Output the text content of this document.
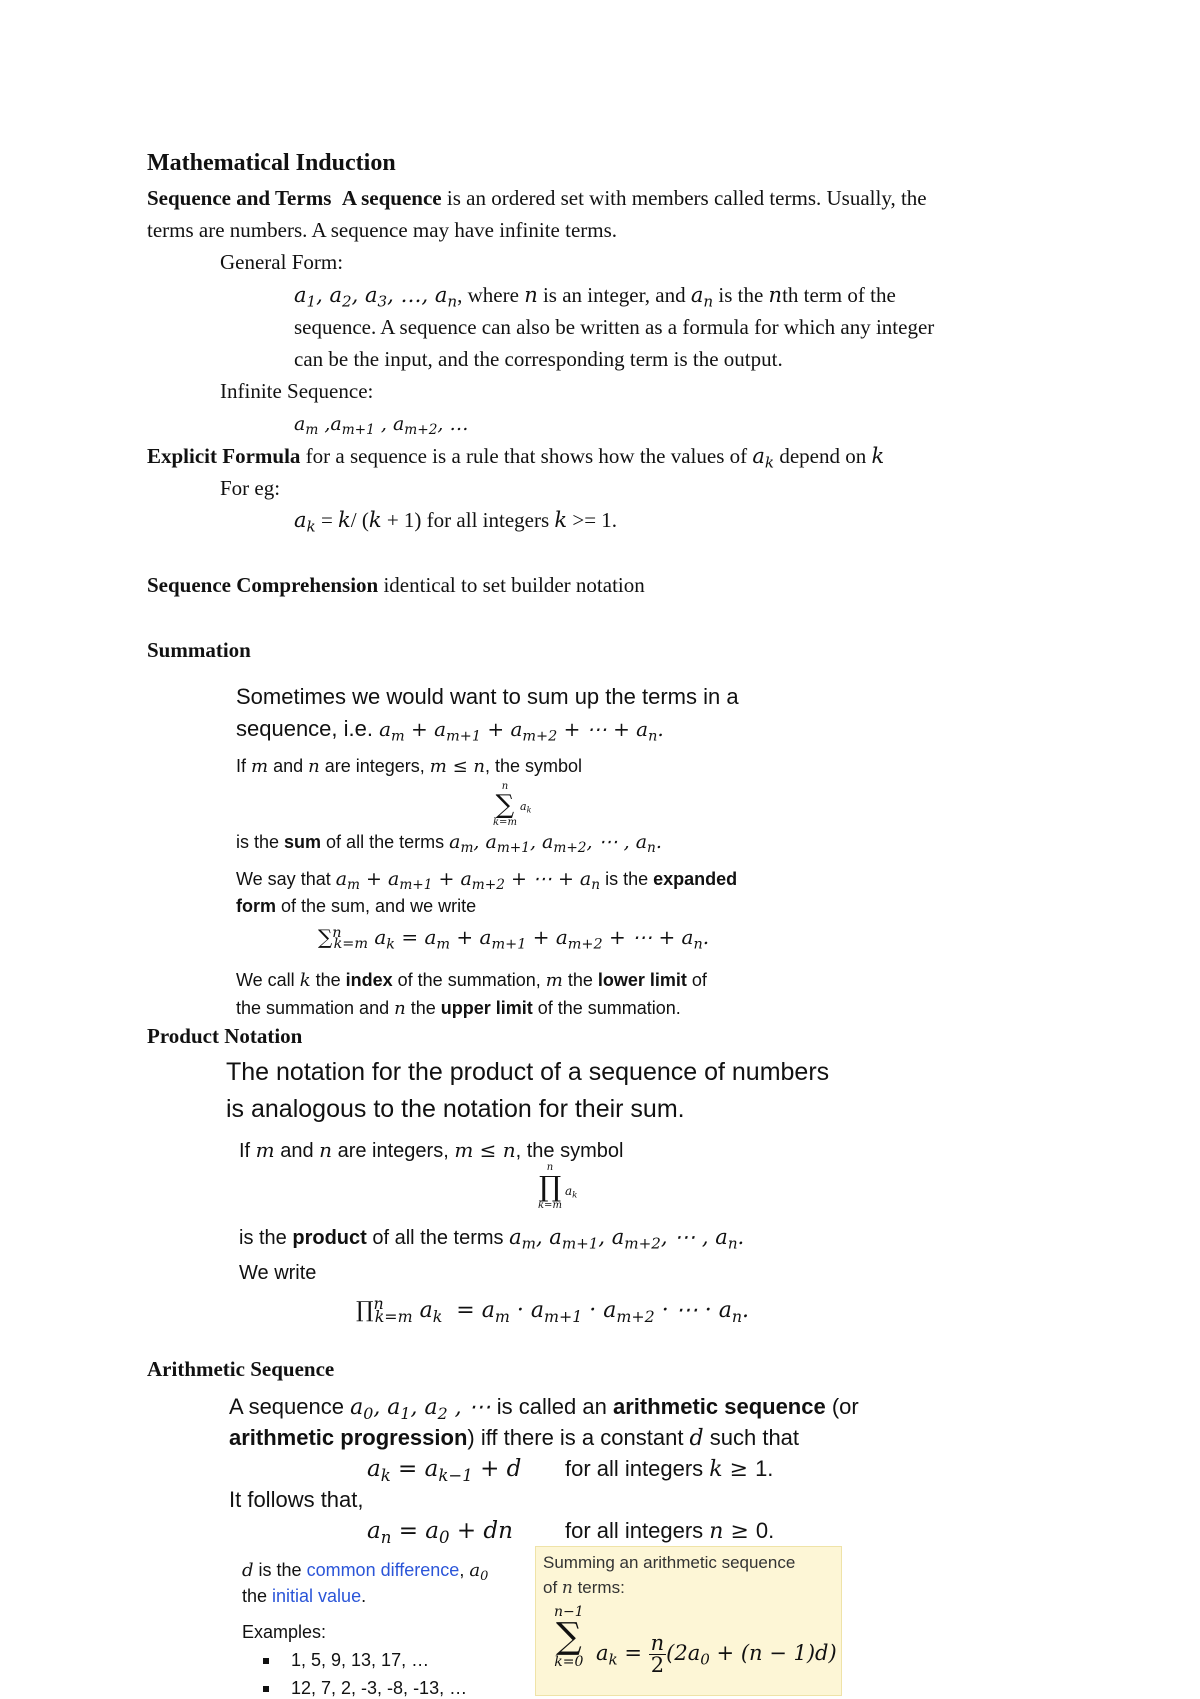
Mathematical Induction
Sequence and Terms A sequence is an ordered set with members called terms. Usually, the
terms are numbers. A sequence may have infinite terms.
General Form:
$a_1$, $a_2$, $a_3$, …, $a_n$, where n is an integer, and $a_n$ is the nth term of the
sequence. A sequence can also be written as a formula for which any integer
can be the input, and the corresponding term is the output.
Infinite Sequence:
$a_m$ $,a_{m+1}$ , $a_{m+2}$, …
Explicit Formula for a sequence is a rule that shows how the values of $a_k$ depend on k
For eg:
$a_k = k/$ (k + 1) for all integers k >= 1.
Sequence Comprehension identical to set builder notation
Summation
Sometimes we would want to sum up the terms in a
sequence, i.e. $a_m + a_{m+1} + a_{m+2}$ + ⋯ + $a_n$.
If m and n are integers, m ≤ n, the symbol
n
∑
k=m
$a_k$
is the sum of all the terms $a_m$, $a_{m+1}$, $a_{m+2}$, ⋯ , $a_n$.
We say that $a_m + a_{m+1} + a_{m+2}$ + ⋯ + $a_n$ is the expanded
form of the sum, and we write
∑$^n_{k=m}$ $a_k = a_m + a_{m+1} + a_{m+2}$ + ⋯ + $a_n$.
We call k the index of the summation, m the lower limit of
the summation and n the upper limit of the summation.
Product Notation
The notation for the product of a sequence of numbers
is analogous to the notation for their sum.
If m and n are integers, m ≤ n, the symbol
n
∏
k=m
$a_k$
is the product of all the terms $a_m$, $a_{m+1}$, $a_{m+2}$, ⋯ , $a_n$.
We write
∏$^n_{k=m}$ $a_k = a_m \cdot a_{m+1} \cdot a_{m+2}$ · ⋯ · $a_n$.
Arithmetic Sequence
A sequence $a_0$, $a_1$, $a_2$ , ⋯ is called an arithmetic sequence (or
arithmetic progression) iff there is a constant d such that
$a_k = a_{k-1} + d$ for all integers k ≥ 1.
It follows that,
$a_n = a_0$ + dn for all integers n ≥ 0.
d is the common difference, $a_0$
the initial value.
Examples:
1, 5, 9, 13, 17, …
12, 7, 2, -3, -8, -13, …
Summing an arithmetic sequence
of n terms:
n−1
∑
k=0 $a_k = \frac{n}{2} (2a_0 + (n - 1)d)$
